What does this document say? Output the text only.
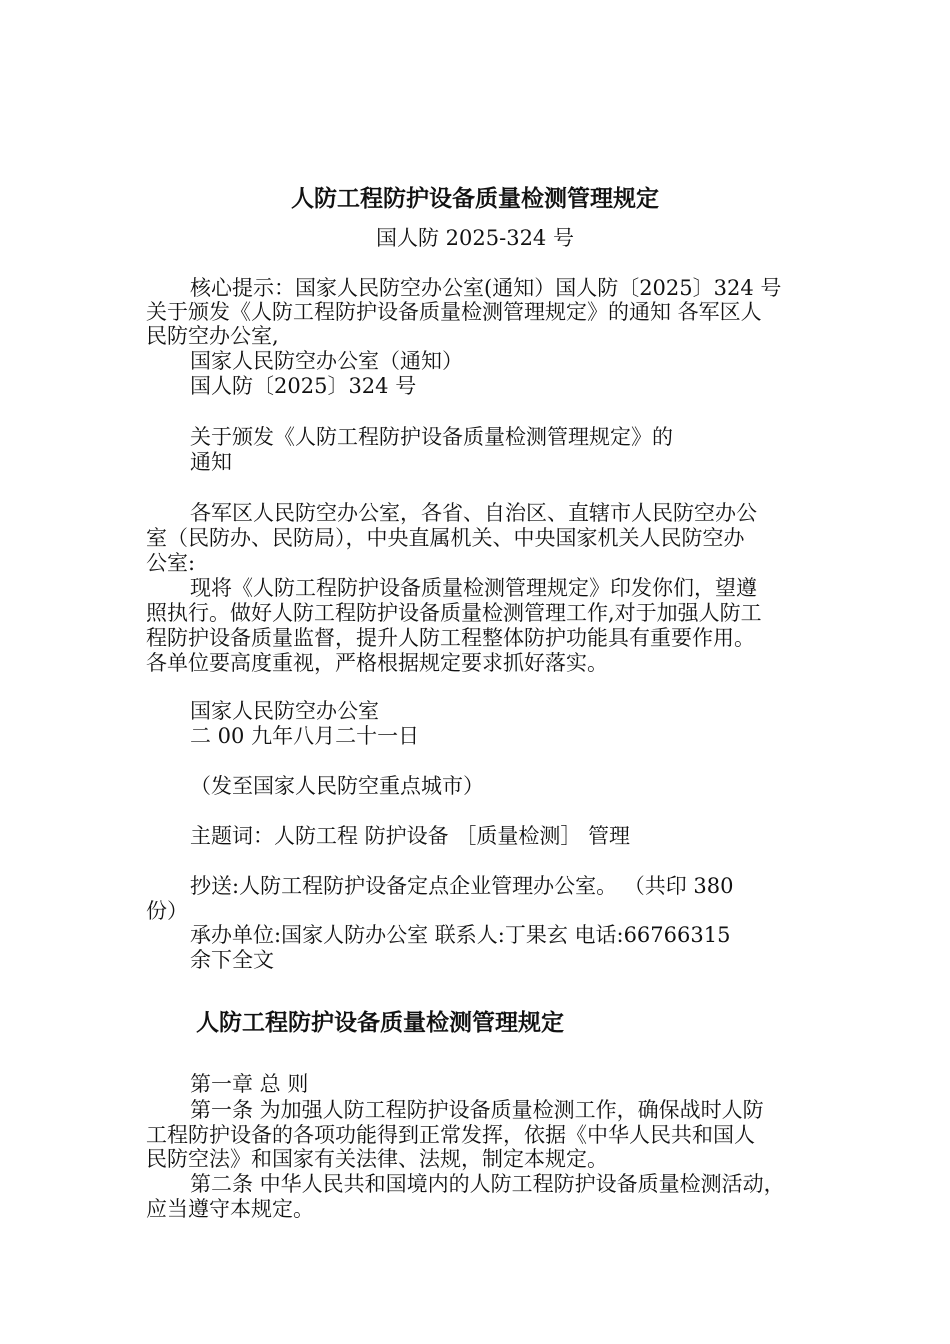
人防工程防护设备质量检测管理规定
国人防 2025-324 号
核心提示：国家人民防空办公室(通知）国人防〔2025〕324 号
关于颁发《人防工程防护设备质量检测管理规定》的通知 各军区人
民防空办公室,
国家人民防空办公室（通知）
国人防〔2025〕324 号
关于颁发《人防工程防护设备质量检测管理规定》的
通知
各军区人民防空办公室，各省、自治区、直辖市人民防空办公
室（民防办、民防局），中央直属机关、中央国家机关人民防空办
公室:
现将《人防工程防护设备质量检测管理规定》印发你们，望遵
照执行。做好人防工程防护设备质量检测管理工作,对于加强人防工
程防护设备质量监督，提升人防工程整体防护功能具有重要作用。
各单位要高度重视，严格根据规定要求抓好落实。
国家人民防空办公室
二 00 九年八月二十一日
（发至国家人民防空重点城市）
主题词：人防工程 防护设备 ［质量检测］ 管理
抄送:人防工程防护设备定点企业管理办公室。 （共印 380
份）
承办单位:国家人防办公室 联系人:丁果玄 电话:66766315
余下全文
人防工程防护设备质量检测管理规定
第一章 总 则
第一条 为加强人防工程防护设备质量检测工作，确保战时人防
工程防护设备的各项功能得到正常发挥，依据《中华人民共和国人
民防空法》和国家有关法律、法规，制定本规定。
第二条 中华人民共和国境内的人防工程防护设备质量检测活动，
应当遵守本规定。
